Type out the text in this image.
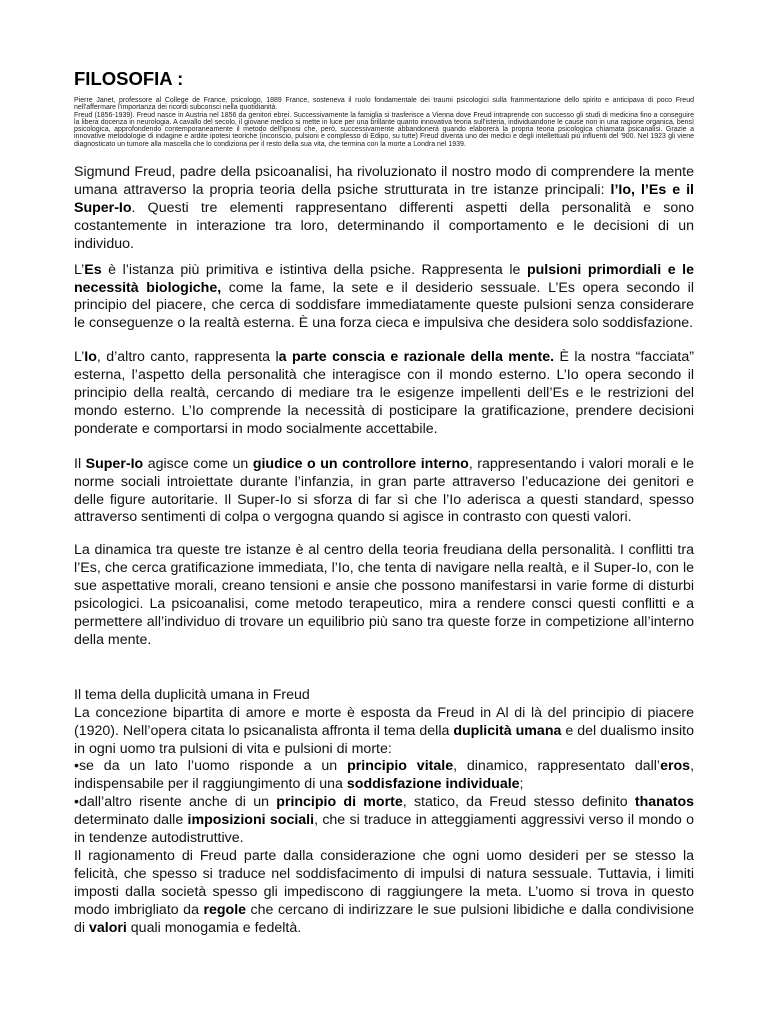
FILOSOFIA :

Pierre Janet, professore al College de France, psicologo, 1889 France, sosteneva il ruolo fondamentale dei traumi psicologici sulla frammentazione dello spirito e anticipava di poco Freud nell'affermare l'importanza dei ricordi subconsci nella quotidianità.

Freud (1856-1939). Freud nasce in Austria nel 1856 da genitori ebrei. Successivamente la famiglia si trasferisce a Vienna dove Freud intraprende con successo gli studi di medicina fino a conseguire la libera docenza in neurologia. A cavallo del secolo, il giovane medico si mette in luce per una brillante quanto innovativa teoria sull'isteria, individuandone le cause non in una ragione organica, bensì psicologica, approfondendo contemporaneamente il metodo dell'ipnosi che, però, successivamente abbandonerà quando elaborerà la propria teoria psicologica chiamata psicanalisi. Grazie a innovative metodologie di indagine e ardite ipotesi teoriche (inconscio, pulsioni e complesso di Edipo, su tutte) Freud diventa uno dei medici e degli intellettuali più influenti del '900. Nel 1923 gli viene diagnosticato un tumore alla mascella che lo condiziona per il resto della sua vita, che termina con la morte a Londra nel 1939.

Sigmund Freud, padre della psicoanalisi, ha rivoluzionato il nostro modo di comprendere la mente umana attraverso la propria teoria della psiche strutturata in tre istanze principali: l’Io, l’Es e il Super-Io. Questi tre elementi rappresentano differenti aspetti della personalità e sono costantemente in interazione tra loro, determinando il comportamento e le decisioni di un individuo.

L’Es è l’istanza più primitiva e istintiva della psiche. Rappresenta le pulsioni primordiali e le necessità biologiche, come la fame, la sete e il desiderio sessuale. L’Es opera secondo il principio del piacere, che cerca di soddisfare immediatamente queste pulsioni senza considerare le conseguenze o la realtà esterna. È una forza cieca e impulsiva che desidera solo soddisfazione.

L’Io, d’altro canto, rappresenta la parte conscia e razionale della mente. È la nostra “facciata” esterna, l’aspetto della personalità che interagisce con il mondo esterno. L’Io opera secondo il principio della realtà, cercando di mediare tra le esigenze impellenti dell’Es e le restrizioni del mondo esterno. L’Io comprende la necessità di posticipare la gratificazione, prendere decisioni ponderate e comportarsi in modo socialmente accettabile.

Il Super-Io agisce come un giudice o un controllore interno, rappresentando i valori morali e le norme sociali introiettate durante l’infanzia, in gran parte attraverso l’educazione dei genitori e delle figure autoritarie. Il Super-Io si sforza di far sì che l’Io aderisca a questi standard, spesso attraverso sentimenti di colpa o vergogna quando si agisce in contrasto con questi valori.

La dinamica tra queste tre istanze è al centro della teoria freudiana della personalità. I conflitti tra l’Es, che cerca gratificazione immediata, l’Io, che tenta di navigare nella realtà, e il Super-Io, con le sue aspettative morali, creano tensioni e ansie che possono manifestarsi in varie forme di disturbi psicologici. La psicoanalisi, come metodo terapeutico, mira a rendere consci questi conflitti e a permettere all’individuo di trovare un equilibrio più sano tra queste forze in competizione all’interno della mente.

Il tema della duplicità umana in Freud

La concezione bipartita di amore e morte è esposta da Freud in Al di là del principio di piacere (1920). Nell’opera citata lo psicanalista affronta il tema della duplicità umana e del dualismo insito in ogni uomo tra pulsioni di vita e pulsioni di morte:

•se da un lato l’uomo risponde a un principio vitale, dinamico, rappresentato dall’eros, indispensabile per il raggiungimento di una soddisfazione individuale;

•dall’altro risente anche di un principio di morte, statico, da Freud stesso definito thanatos determinato dalle imposizioni sociali, che si traduce in atteggiamenti aggressivi verso il mondo o in tendenze autodistruttive.

Il ragionamento di Freud parte dalla considerazione che ogni uomo desideri per se stesso la felicità, che spesso si traduce nel soddisfacimento di impulsi di natura sessuale. Tuttavia, i limiti imposti dalla società spesso gli impediscono di raggiungere la meta. L’uomo si trova in questo modo imbrigliato da regole che cercano di indirizzare le sue pulsioni libidiche e dalla condivisione di valori quali monogamia e fedeltà.
